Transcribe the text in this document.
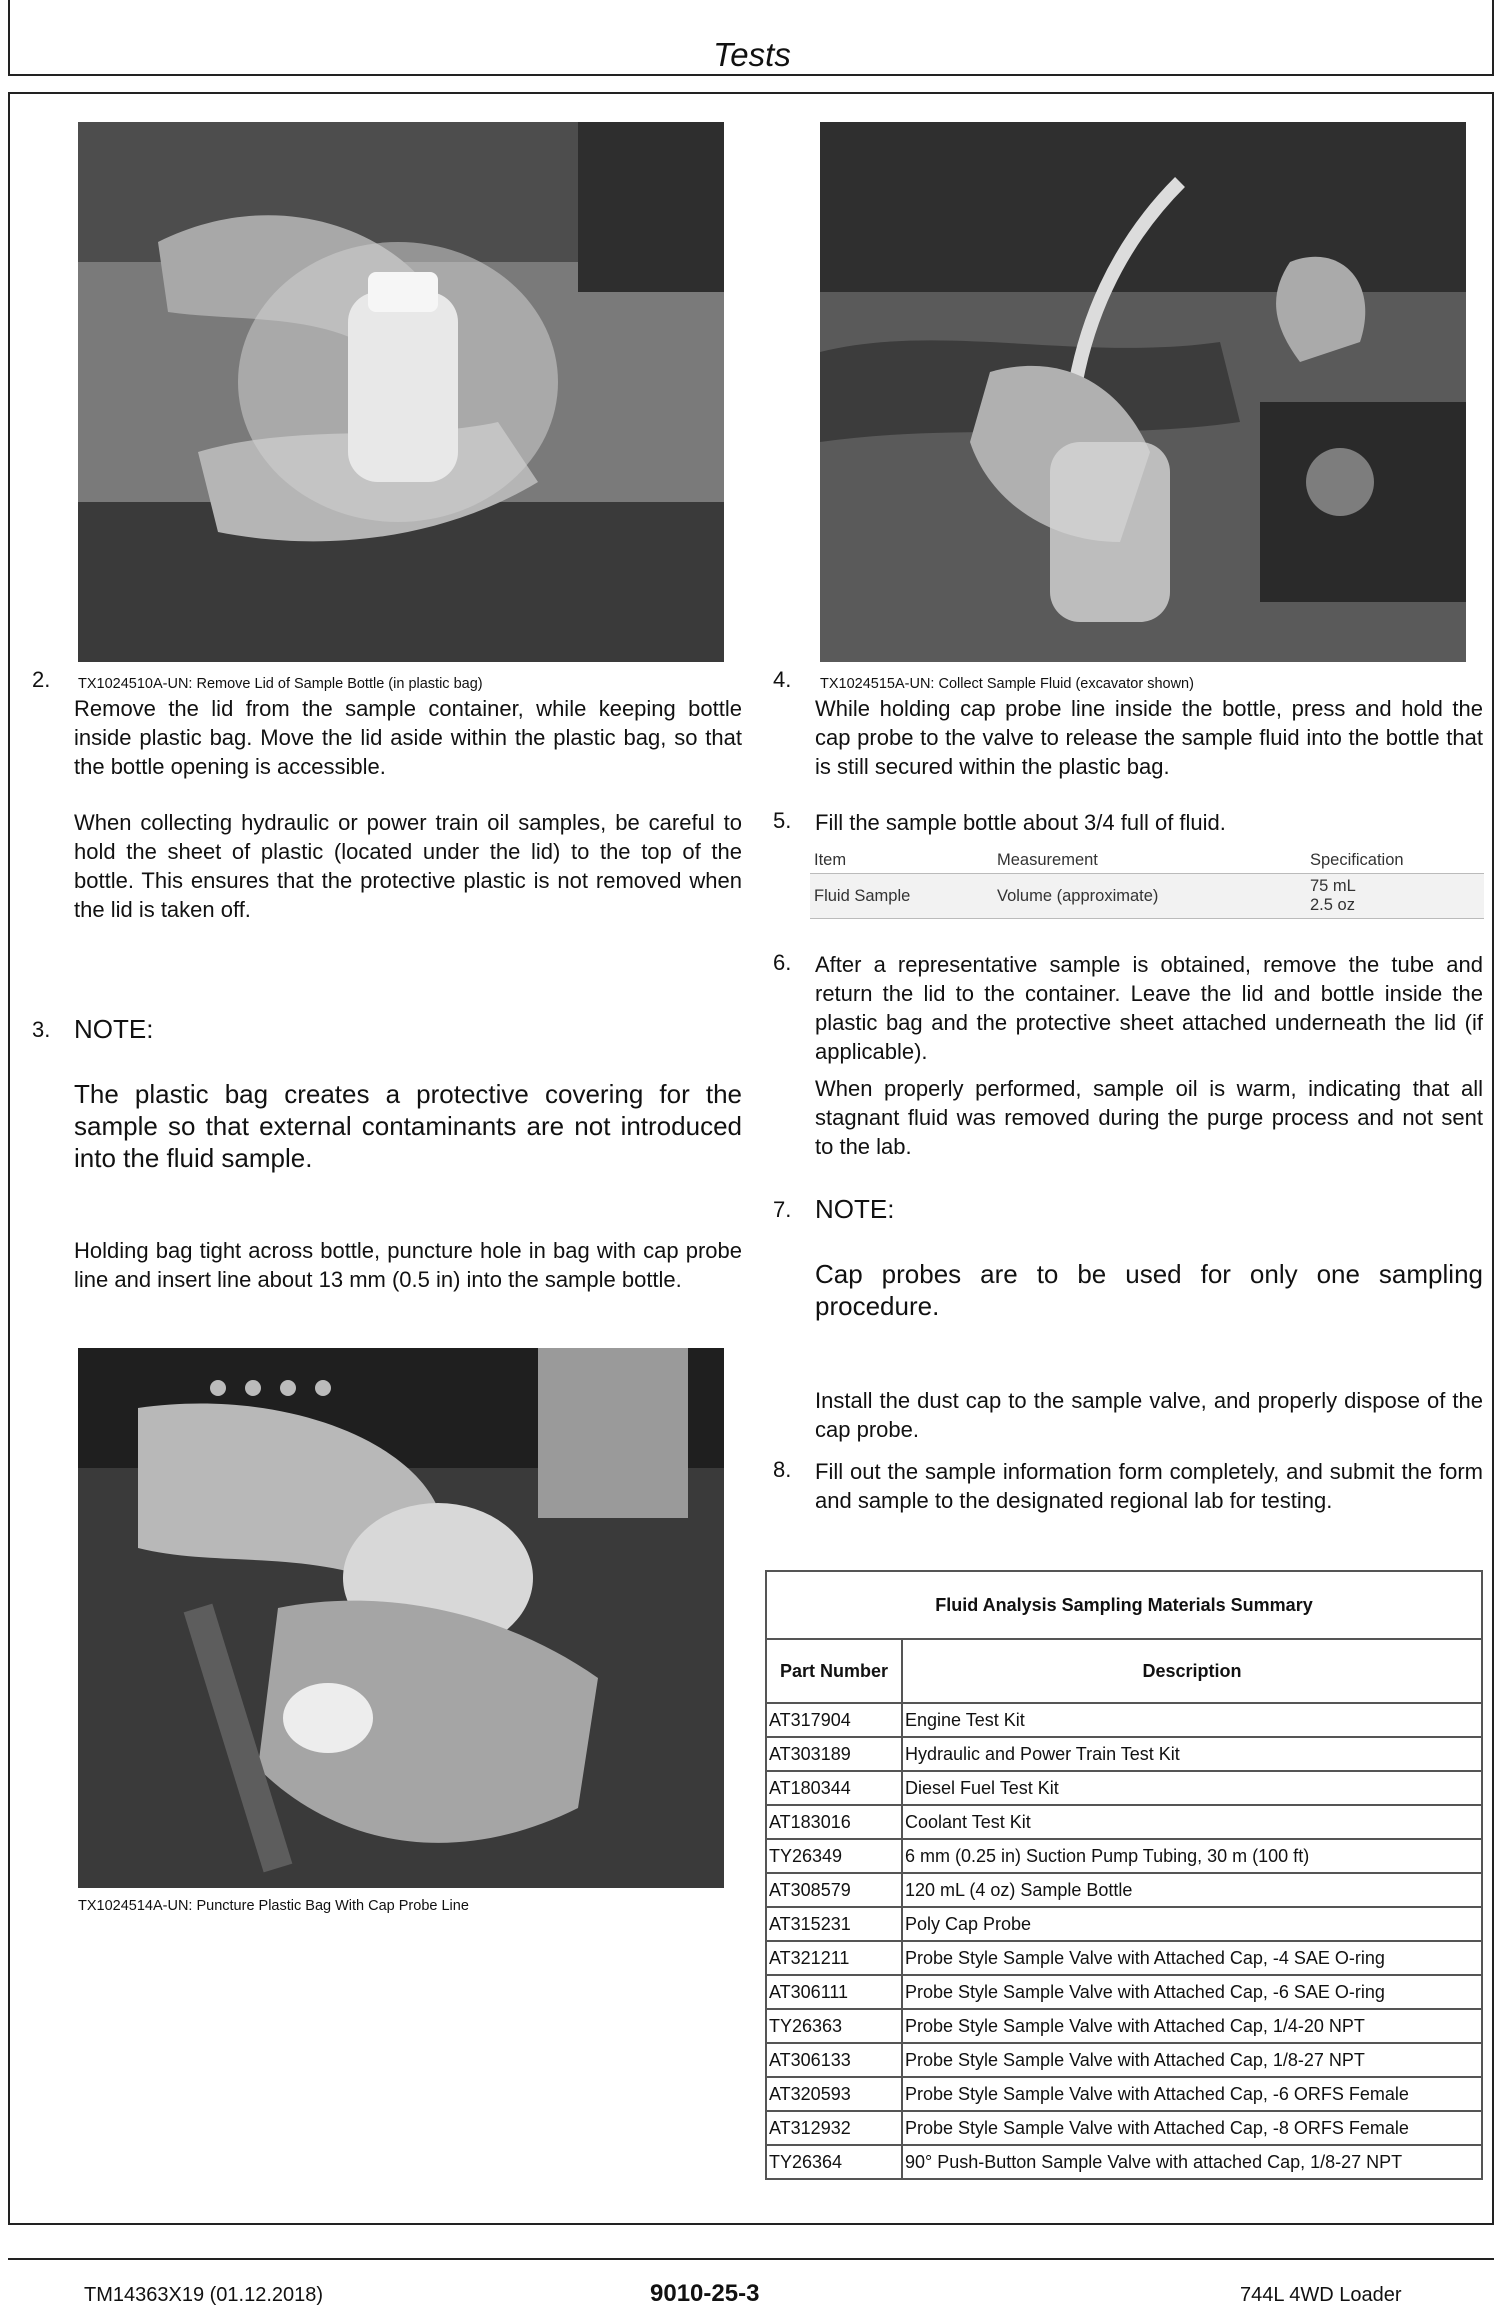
Tests
TX1024510A-UN: Remove Lid of Sample Bottle (in plastic bag)	TX1024515A-UN: Collect Sample Fluid (excavator shown)
TX1024514A-UN: Puncture Plastic Bag With Cap Probe Line
2.
Remove the lid from the sample container, while keeping bottle inside plastic bag. Move the lid aside within the plastic bag, so that the bottle opening is accessible.
When collecting hydraulic or power train oil samples, be careful to hold the sheet of plastic (located under the lid) to the top of the bottle. This ensures that the protective plastic is not removed when the lid is taken off.
3. NOTE:
The plastic bag creates a protective covering for the sample so that external contaminants are not introduced into the fluid sample.
Holding bag tight across bottle, puncture hole in bag with cap probe line and insert line about 13 mm (0.5 in) into the sample bottle.
4.
While holding cap probe line inside the bottle, press and hold the cap probe to the valve to release the sample fluid into the bottle that is still secured within the plastic bag.
5. Fill the sample bottle about 3/4 full of fluid.
Item	Measurement	Specification
Fluid Sample	Volume (approximate)	75 mL
2.5 oz
6. After a representative sample is obtained, remove the tube and return the lid to the container. Leave the lid and bottle inside the plastic bag and the protective sheet attached underneath the lid (if applicable).
When properly performed, sample oil is warm, indicating that all stagnant fluid was removed during the purge process and not sent to the lab.
7. NOTE:
Cap probes are to be used for only one sampling procedure.
Install the dust cap to the sample valve, and properly dispose of the cap probe.
8. Fill out the sample information form completely, and submit the form and sample to the designated regional lab for testing.
Fluid Analysis Sampling Materials Summary	
Part Number	Description
AT317904	Engine Test Kit
AT303189	Hydraulic and Power Train Test Kit
AT180344	Diesel Fuel Test Kit
AT183016	Coolant Test Kit
TY26349	6 mm (0.25 in) Suction Pump Tubing, 30 m (100 ft)
AT308579	120 mL (4 oz) Sample Bottle
AT315231	Poly Cap Probe
AT321211	Probe Style Sample Valve with Attached Cap, -4 SAE O-ring
AT306111	Probe Style Sample Valve with Attached Cap, -6 SAE O-ring
TY26363	Probe Style Sample Valve with Attached Cap, 1/4-20 NPT
AT306133	Probe Style Sample Valve with Attached Cap, 1/8-27 NPT
AT320593	Probe Style Sample Valve with Attached Cap, -6 ORFS Female
AT312932	Probe Style Sample Valve with Attached Cap, -8 ORFS Female
TY26364	90° Push-Button Sample Valve with attached Cap, 1/8-27 NPT
TM14363X19 (01.12.2018)	9010-25-3	744L 4WD Loader
